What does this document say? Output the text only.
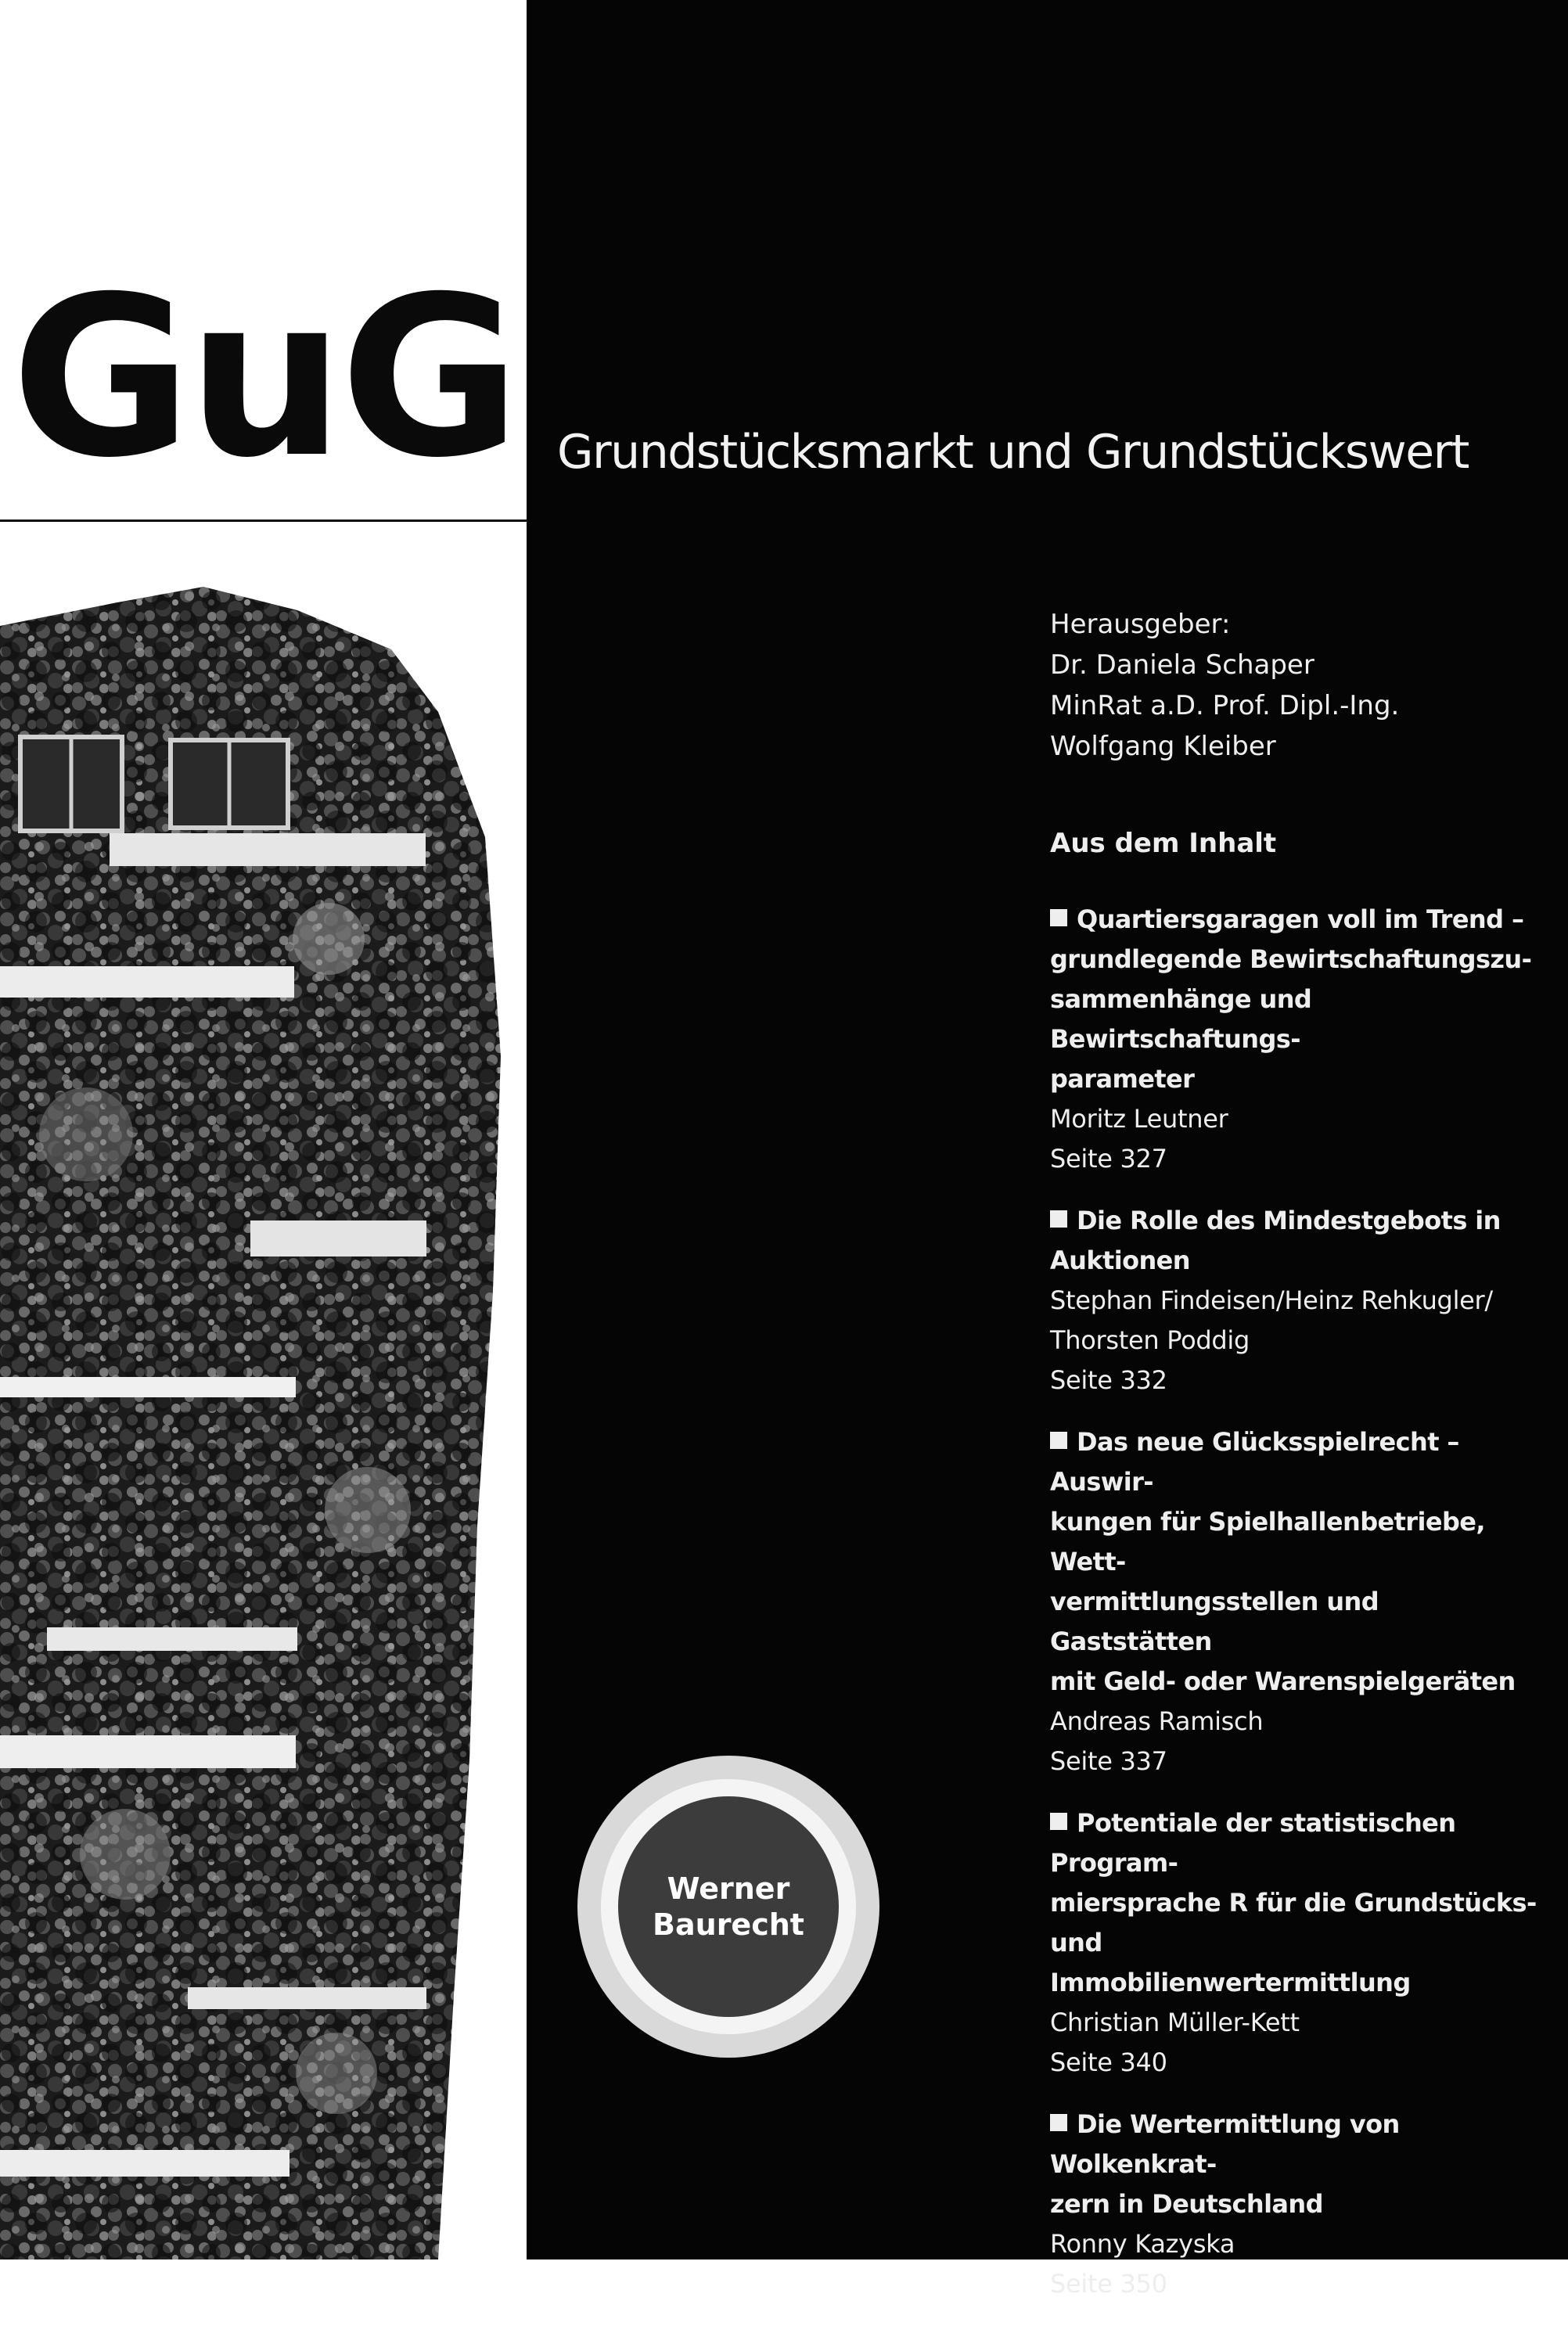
GuG Grundstücksmarkt und Grundstückswert
Herausgeber:
Dr. Daniela Schaper
MinRat a.D. Prof. Dipl.-Ing.
Wolfgang Kleiber
Aus dem Inhalt
Quartiersgaragen voll im Trend –
grundlegende Bewirtschaftungszu-
sammenhänge und Bewirtschaftungs-
parameter
Moritz Leutner
Seite 327
Die Rolle des Mindestgebots in
Auktionen
Stephan Findeisen/Heinz Rehkugler/
Thorsten Poddig
Seite 332
Das neue Glücksspielrecht – Auswir-
kungen für Spielhallenbetriebe, Wett-
vermittlungsstellen und Gaststätten
mit Geld- oder Warenspielgeräten
Andreas Ramisch
Seite 337
Potentiale der statistischen Program-
miersprache R für die Grundstücks- und
Immobilienwertermittlung
Christian Müller-Kett
Seite 340
Die Wertermittlung von Wolkenkrat-
zern in Deutschland
Ronny Kazyska
Seite 350
Werner
Baurecht
